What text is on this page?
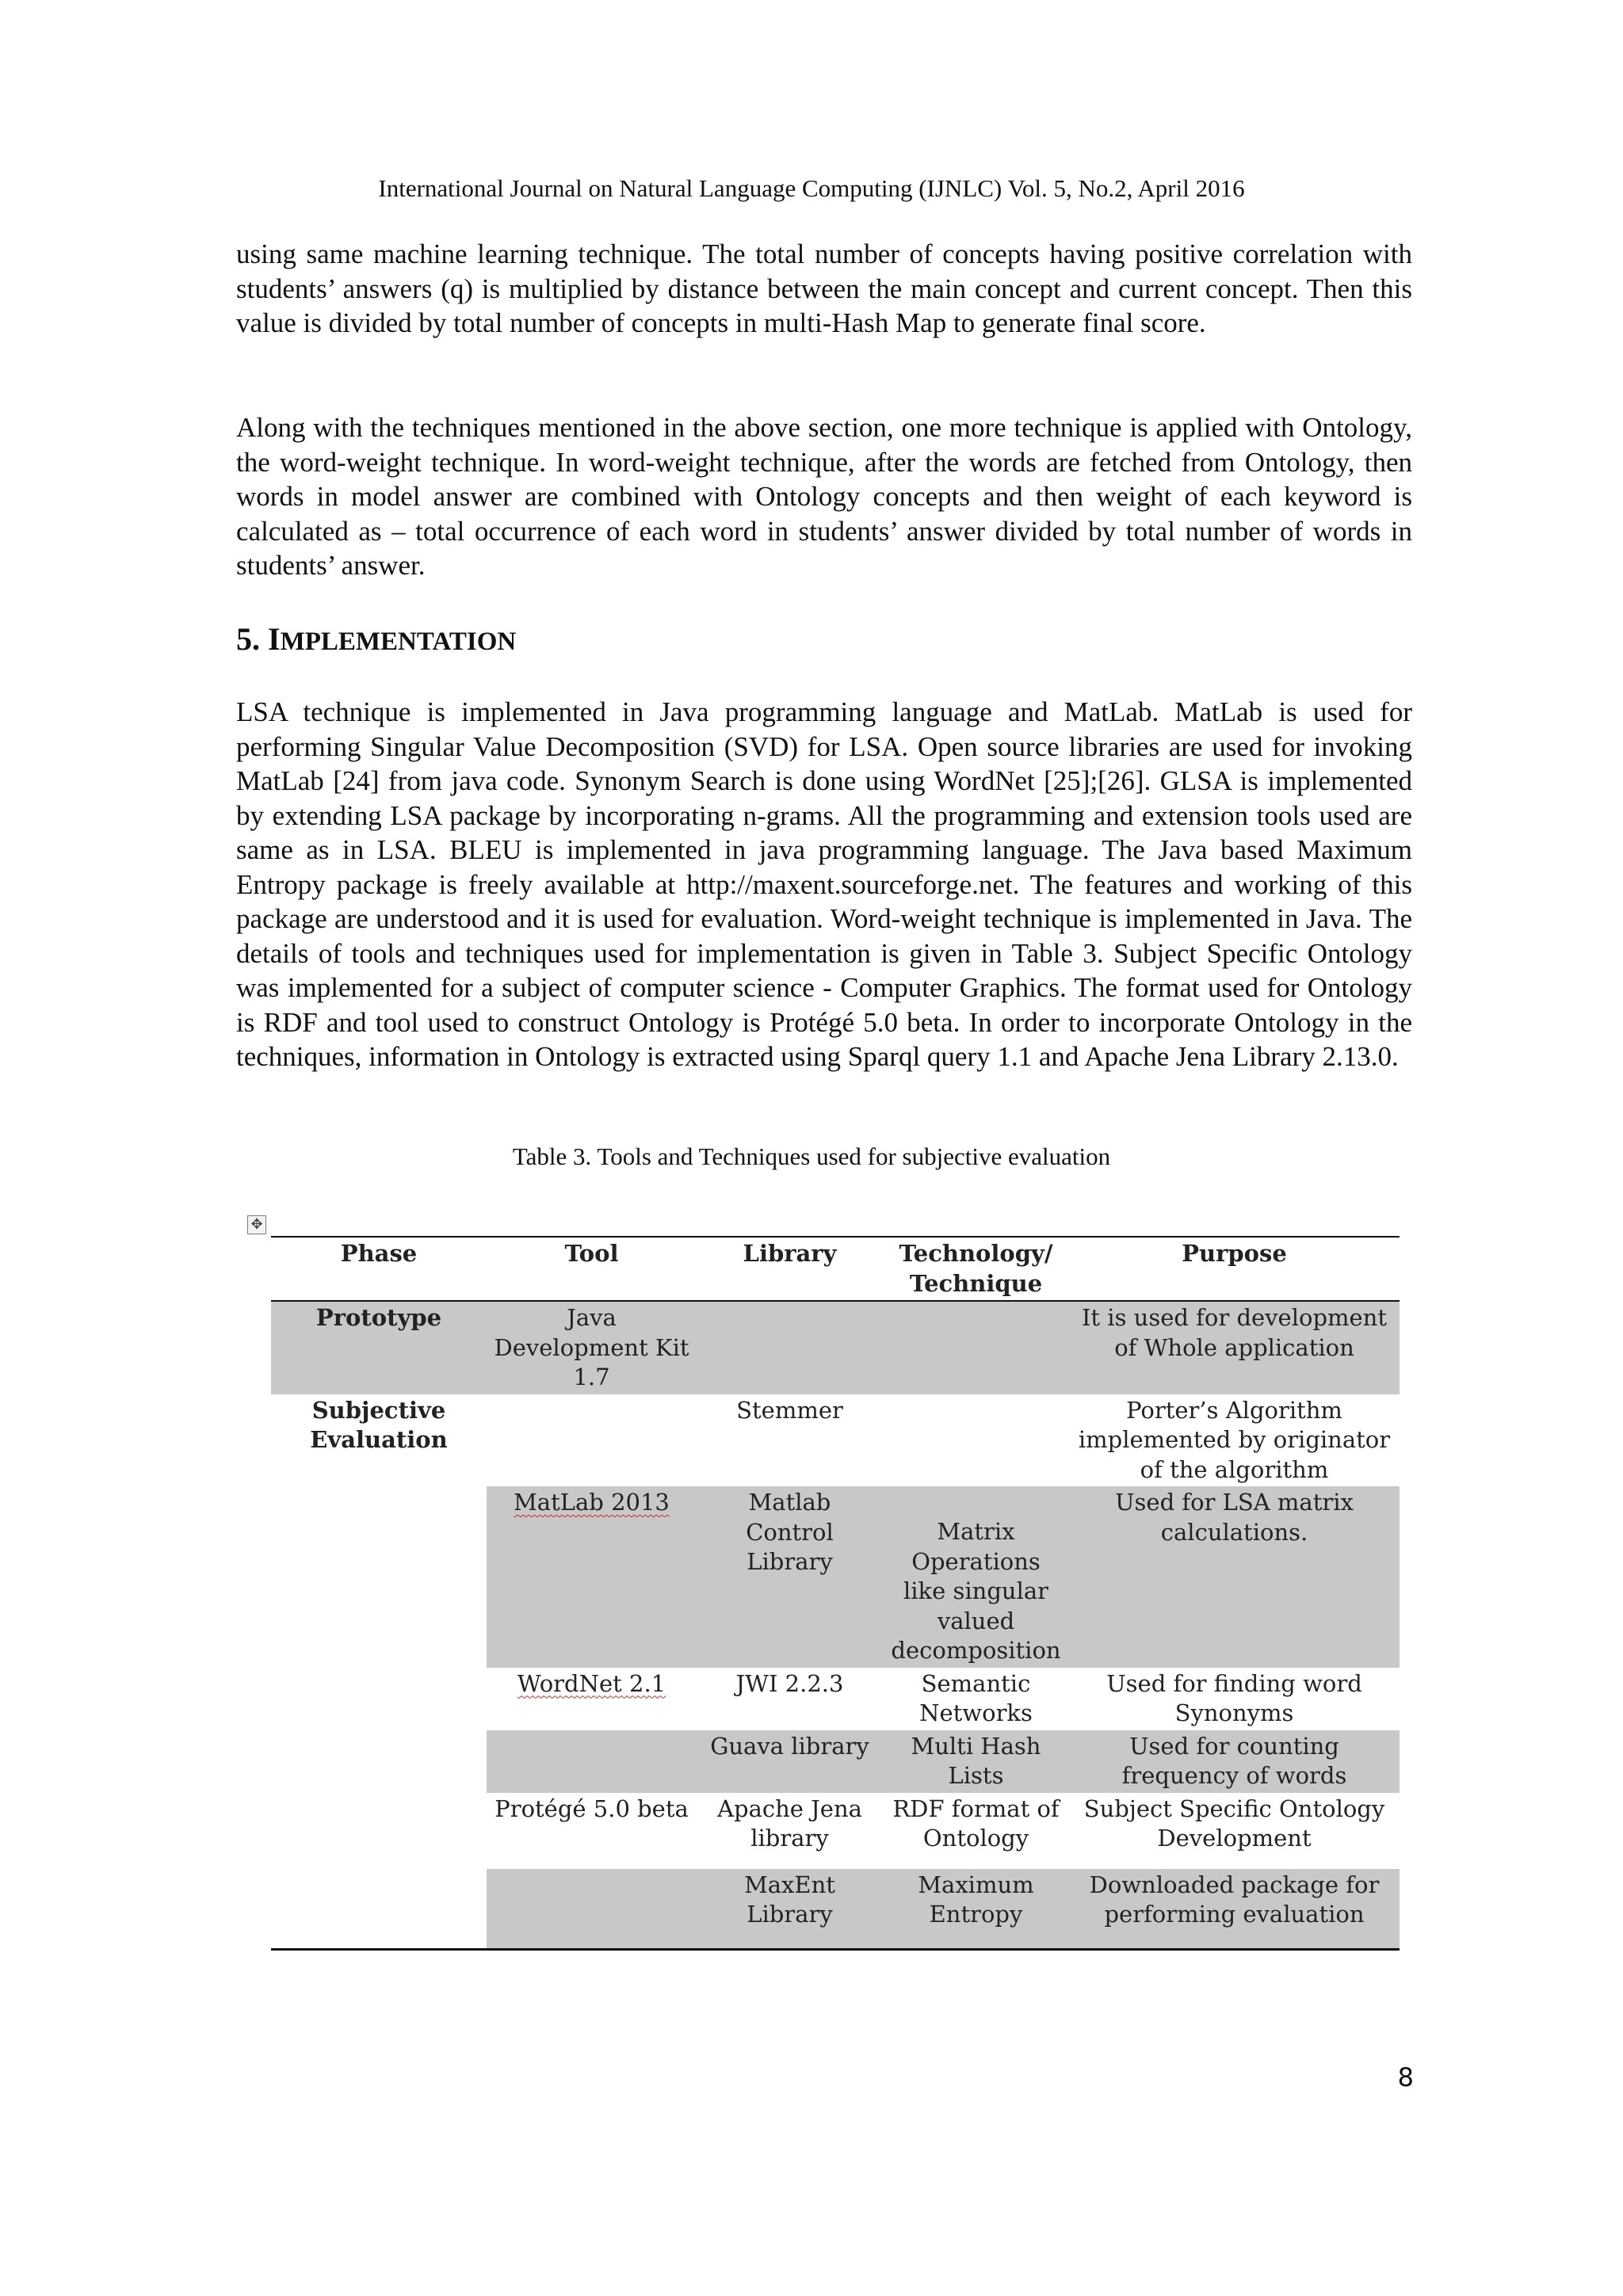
International Journal on Natural Language Computing (IJNLC) Vol. 5, No.2, April 2016

using same machine learning technique. The total number of concepts having positive correlation with students’ answers (q) is multiplied by distance between the main concept and current concept. Then this value is divided by total number of concepts in multi-Hash Map to generate final score.

Along with the techniques mentioned in the above section, one more technique is applied with Ontology, the word-weight technique. In word-weight technique, after the words are fetched from Ontology, then words in model answer are combined with Ontology concepts and then weight of each keyword is calculated as – total occurrence of each word in students’ answer divided by total number of words in students’ answer.

5. IMPLEMENTATION

LSA technique is implemented in Java programming language and MatLab. MatLab is used for performing Singular Value Decomposition (SVD) for LSA. Open source libraries are used for invoking MatLab [24] from java code. Synonym Search is done using WordNet [25];[26]. GLSA is implemented by extending LSA package by incorporating n-grams. All the programming and extension tools used are same as in LSA. BLEU is implemented in java programming language. The Java based Maximum Entropy package is freely available at http://maxent.sourceforge.net. The features and working of this package are understood and it is used for evaluation. Word-weight technique is implemented in Java. The details of tools and techniques used for implementation is given in Table 3. Subject Specific Ontology was implemented for a subject of computer science - Computer Graphics. The format used for Ontology is RDF and tool used to construct Ontology is Protégé 5.0 beta. In order to incorporate Ontology in the techniques, information in Ontology is extracted using Sparql query 1.1 and Apache Jena Library 2.13.0.

Table 3. Tools and Techniques used for subjective evaluation
✥
Phase	Tool	Library	Technology/ Technique	Purpose
Prototype	Java Development Kit 1.7			It is used for development of Whole application
Subjective Evaluation		Stemmer		Porter’s Algorithm implemented by originator of the algorithm
	MatLab 2013	Matlab Control Library	Matrix Operations like singular valued decomposition	Used for LSA matrix calculations.
	WordNet 2.1	JWI 2.2.3	Semantic Networks	Used for finding word Synonyms
		Guava library	Multi Hash Lists	Used for counting frequency of words
	Protégé 5.0 beta	Apache Jena library	RDF format of Ontology	Subject Specific Ontology Development
		MaxEnt Library	Maximum Entropy	Downloaded package for performing evaluation
8
